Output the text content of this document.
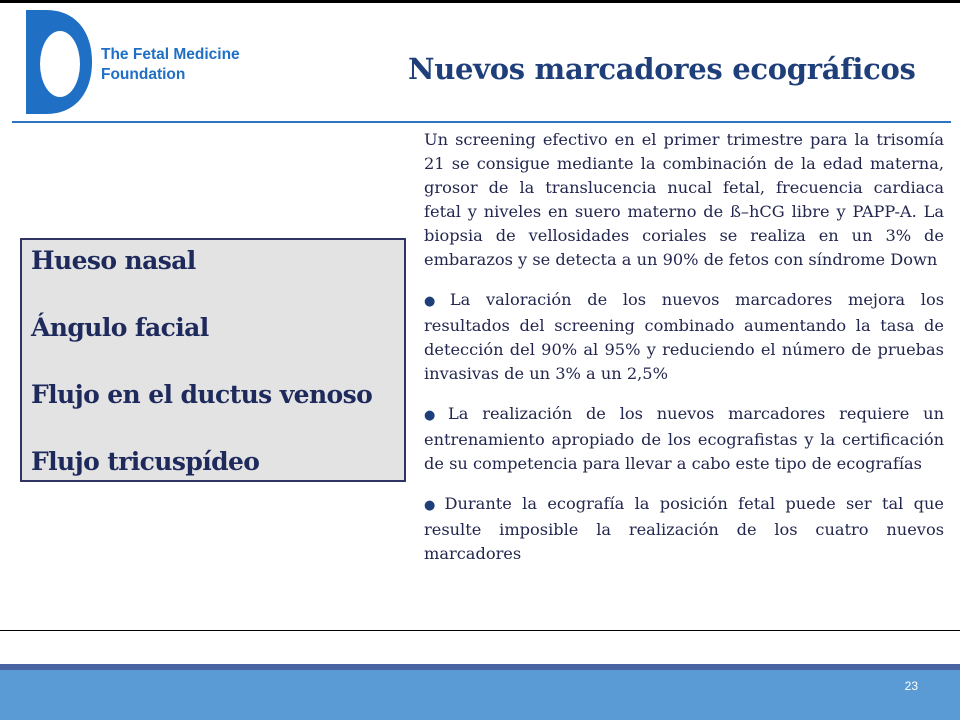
The Fetal Medicine
Foundation	Nuevos marcadores ecográficos
Hueso nasal
Ángulo facial
Flujo en el ductus venoso
Flujo tricuspídeo

Un screening efectivo en el primer trimestre para la trisomía 21 se consigue mediante la combinación de la edad materna, grosor de la translucencia nucal fetal, frecuencia cardiaca fetal y niveles en suero materno de ß–hCG libre y PAPP-A. La biopsia de vellosidades coriales se realiza en un 3% de embarazos y se detecta a un 90% de fetos con síndrome Down

● La valoración de los nuevos marcadores mejora los resultados del screening combinado aumentando la tasa de detección del 90% al 95% y reduciendo el número de pruebas invasivas de un 3% a un 2,5%

● La realización de los nuevos marcadores requiere un entrenamiento apropiado de los ecografistas y la certificación de su competencia para llevar a cabo este tipo de ecografías

● Durante la ecografía la posición fetal puede ser tal que resulte imposible la realización de los cuatro nuevos marcadores

23
